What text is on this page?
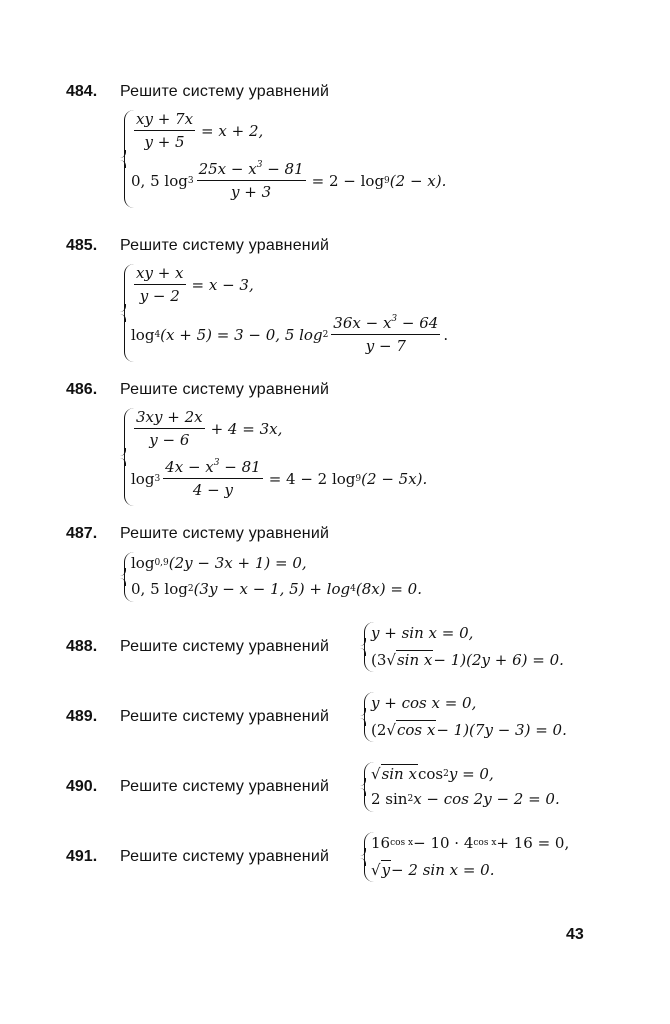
484. Решите систему уравнений
$\frac{xy + 7x}{y + 5} = x + 2$,
0, 5 $\log 3 \frac{25x - x^3 - 81}{y + 3} = 2 - \log 9$ (2 − x).
485. Решите систему уравнений
$\frac{xy + x}{y - 2} = x - 3$,
log 4 (x + 5) = 3 − 0, 5 $\log 2 \frac{36x - x^3 - 64}{y - 7}$ .
486. Решите систему уравнений
$\frac{3xy + 2x}{y - 6} + 4 = 3x$,
$\log 3 \frac{4x - x^3 - 81}{4 - y} = 4 - 2$ log 9 (2 − 5x).
487. Решите систему уравнений
log 0,9 (2y − 3x + 1) = 0,
0, 5 log 2 (3y − x − 1, 5) + log 4 (8x) = 0.
488. Решите систему уравнений
y + sin x = 0,
(3 √ sin x − 1)(2y + 6) = 0.
489. Решите систему уравнений
y + cos x = 0,
(2 √ cos x − 1)(7y − 3) = 0.
490. Решите систему уравнений
√ sin x cos 2 y = 0,
2 sin 2 x − cos 2y − 2 = 0.
491. Решите систему уравнений
16 cos x − 10 · 4 cos x + 16 = 0,
√ y − 2 sin x = 0.
43
